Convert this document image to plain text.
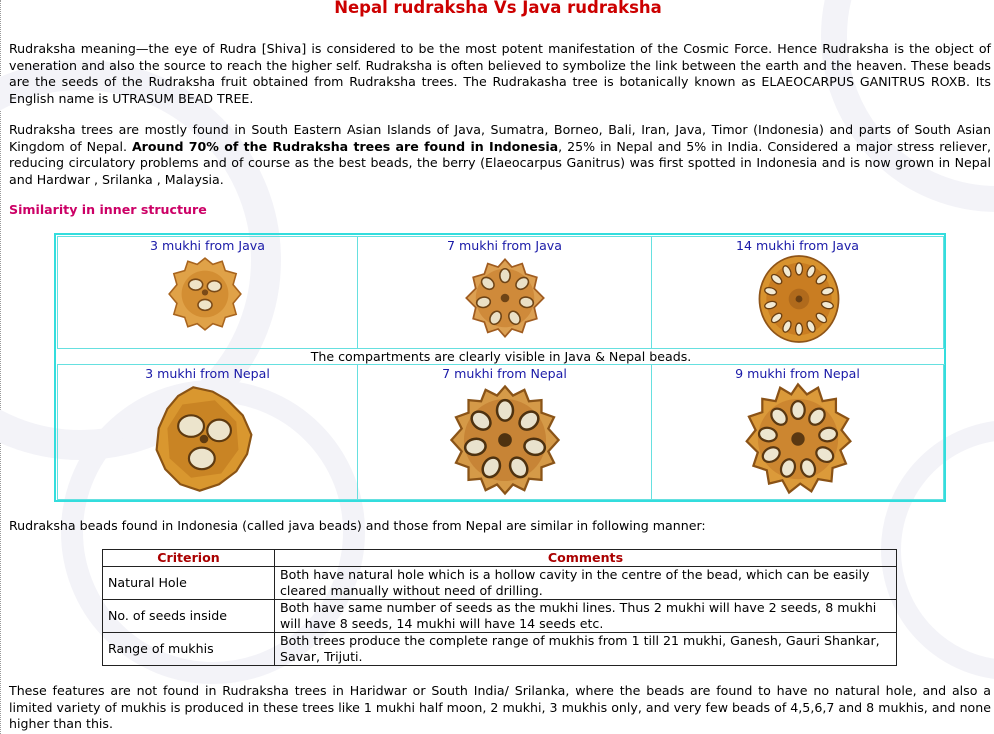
Nepal rudraksha Vs Java rudraksha

Rudraksha meaning—the eye of Rudra [Shiva] is considered to be the most potent manifestation of the Cosmic Force. Hence Rudraksha is the object of veneration and also the source to reach the higher self. Rudraksha is often believed to symbolize the link between the earth and the heaven. These beads are the seeds of the Rudraksha fruit obtained from Rudraksha trees. The Rudrakasha tree is botanically known as ELAEOCARPUS GANITRUS ROXB. Its English name is UTRASUM BEAD TREE.

Rudraksha trees are mostly found in South Eastern Asian Islands of Java, Sumatra, Borneo, Bali, Iran, Java, Timor (Indonesia) and parts of South Asian Kingdom of Nepal. Around 70% of the Rudraksha trees are found in Indonesia, 25% in Nepal and 5% in India. Considered a major stress reliever, reducing circulatory problems and of course as the best beads, the berry (Elaeocarpus Ganitrus) was first spotted in Indonesia and is now grown in Nepal and Hardwar , Srilanka , Malaysia.

Similarity in inner structure
3 mukhi from Java	7 mukhi from Java	14 mukhi from Java
The compartments are clearly visible in Java & Nepal beads.
3 mukhi from Nepal	7 mukhi from Nepal	9 mukhi from Nepal

Rudraksha beads found in Indonesia (called java beads) and those from Nepal are similar in following manner:

Criterion	Comments
Natural Hole	Both have natural hole which is a hollow cavity in the centre of the bead, which can be easily cleared manually without need of drilling.
No. of seeds inside	Both have same number of seeds as the mukhi lines. Thus 2 mukhi will have 2 seeds, 8 mukhi will have 8 seeds, 14 mukhi will have 14 seeds etc.
Range of mukhis	Both trees produce the complete range of mukhis from 1 till 21 mukhi, Ganesh, Gauri Shankar, Savar, Trijuti.

These features are not found in Rudraksha trees in Haridwar or South India/ Srilanka, where the beads are found to have no natural hole, and also a limited variety of mukhis is produced in these trees like 1 mukhi half moon, 2 mukhi, 3 mukhis only, and very few beads of 4,5,6,7 and 8 mukhis, and none higher than this.
